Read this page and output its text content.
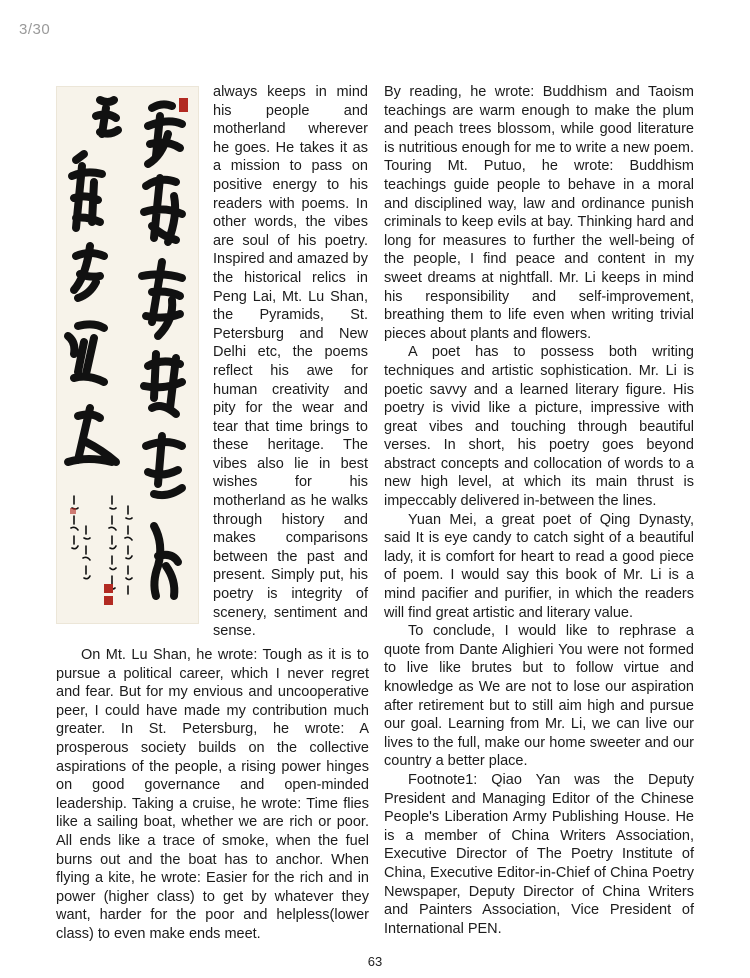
3/30

always keeps in mind his people and motherland wherever he goes. He takes it as a mission to pass on positive energy to his readers with poems. In other words, the vibes are soul of his poetry. Inspired and amazed by the historical relics in Peng Lai, Mt. Lu Shan, the Pyramids, St. Petersburg and New Delhi etc, the poems reflect his awe for human creativity and pity for the wear and tear that time brings to these heritage. The vibes also lie in best wishes for his motherland as he walks through history and makes comparisons between the past and present. Simply put, his poetry is integrity of scenery, sentiment and sense.

On Mt. Lu Shan, he wrote: Tough as it is to pursue a political career, which I never regret and fear. But for my envious and uncooperative peer, I could have made my contribution much greater. In St. Petersburg, he wrote: A prosperous society builds on the collective aspirations of the people, a rising power hinges on good governance and open-minded leadership. Taking a cruise, he wrote: Time flies like a sailing boat, whether we are rich or poor. All ends like a trace of smoke, when the fuel burns out and the boat has to anchor. When flying a kite, he wrote: Easier for the rich and in power (higher class) to get by whatever they want, harder for the poor and helpless(lower class) to even make ends meet.

By reading, he wrote: Buddhism and Taoism teachings are warm enough to make the plum and peach trees blossom, while good literature is nutritious enough for me to write a new poem. Touring Mt. Putuo, he wrote: Buddhism teachings guide people to behave in a moral and disciplined way, law and ordinance punish criminals to keep evils at bay. Thinking hard and long for measures to further the well-being of the people, I find peace and content in my sweet dreams at nightfall. Mr. Li keeps in mind his responsibility and self-improvement, breathing them to life even when writing trivial pieces about plants and flowers.

A poet has to possess both writing techniques and artistic sophistication. Mr. Li is poetic savvy and a learned literary figure. His poetry is vivid like a picture, impressive with great vibes and touching through beautiful verses. In short, his poetry goes beyond abstract concepts and collocation of words to a new high level, at which its main thrust is impeccably delivered in-between the lines.

Yuan Mei, a great poet of Qing Dynasty, said It is eye candy to catch sight of a beautiful lady, it is comfort for heart to read a good piece of poem. I would say this book of Mr. Li is a mind pacifier and purifier, in which the readers will find great artistic and literary value.

To conclude, I would like to rephrase a quote from Dante Alighieri You were not formed to live like brutes but to follow virtue and knowledge as We are not to lose our aspiration after retirement but to still aim high and pursue our goal. Learning from Mr. Li, we can live our lives to the full, make our home sweeter and our country a better place.

Footnote1: Qiao Yan was the Deputy President and Managing Editor of the Chinese People's Liberation Army Publishing House. He is a member of China Writers Association, Executive Director of The Poetry Institute of China, Executive Editor-in-Chief of China Poetry Newspaper, Deputy Director of China Writers and Painters Association, Vice President of International PEN.

63
